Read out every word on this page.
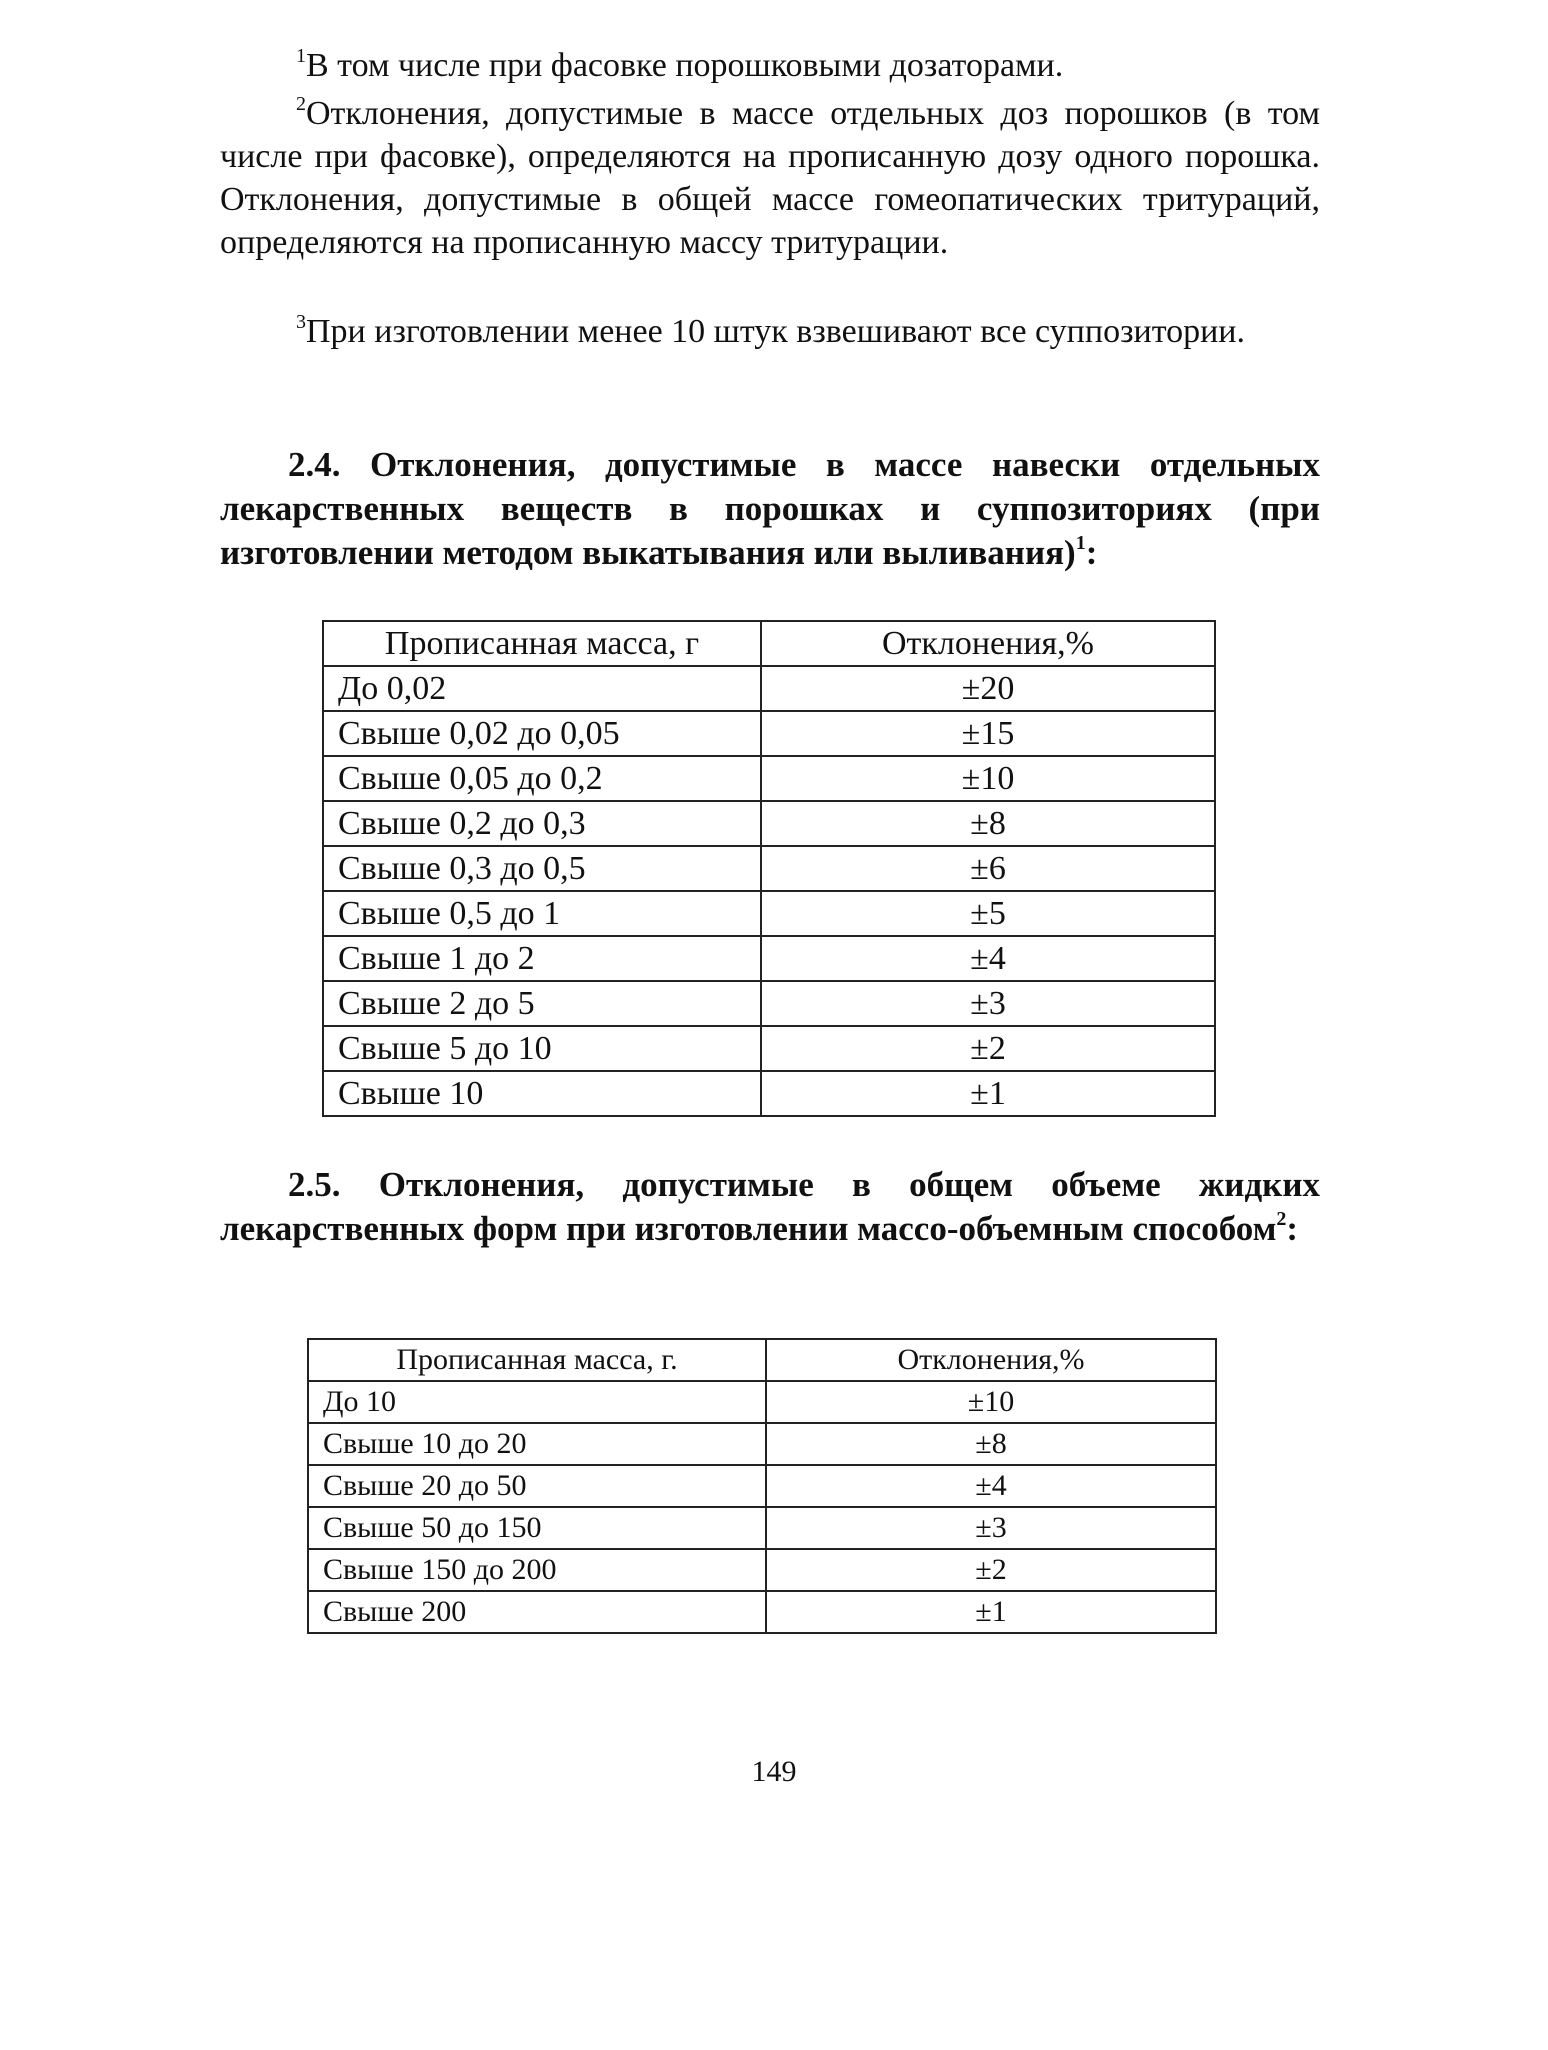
$^1$В том числе при фасовке порошковыми дозаторами.

$^2$Отклонения, допустимые в массе отдельных доз порошков (в том числе при фасовке), определяются на прописанную дозу одного порошка. Отклонения, допустимые в общей массе гомеопатических тритураций, определяются на прописанную массу тритурации.

$^3$При изготовлении менее 10 штук взвешивают все суппозитории.

2.4. Отклонения, допустимые в массе навески отдельных лекарственных веществ в порошках и суппозиториях (при изготовлении методом выкатывания или выливания)$^1$:

Прописанная масса, г	Отклонения,%
До 0,02	±20
Свыше 0,02 до 0,05	±15
Свыше 0,05 до 0,2	±10
Свыше 0,2 до 0,3	±8
Свыше 0,3 до 0,5	±6
Свыше 0,5 до 1	±5
Свыше 1 до 2	±4
Свыше 2 до 5	±3
Свыше 5 до 10	±2
Свыше 10	±1

2.5. Отклонения, допустимые в общем объеме жидких лекарственных форм при изготовлении массо-объемным способом$^2$:

Прописанная масса, г.	Отклонения,%
До 10	±10
Свыше 10 до 20	±8
Свыше 20 до 50	±4
Свыше 50 до 150	±3
Свыше 150 до 200	±2
Свыше 200	±1

149
